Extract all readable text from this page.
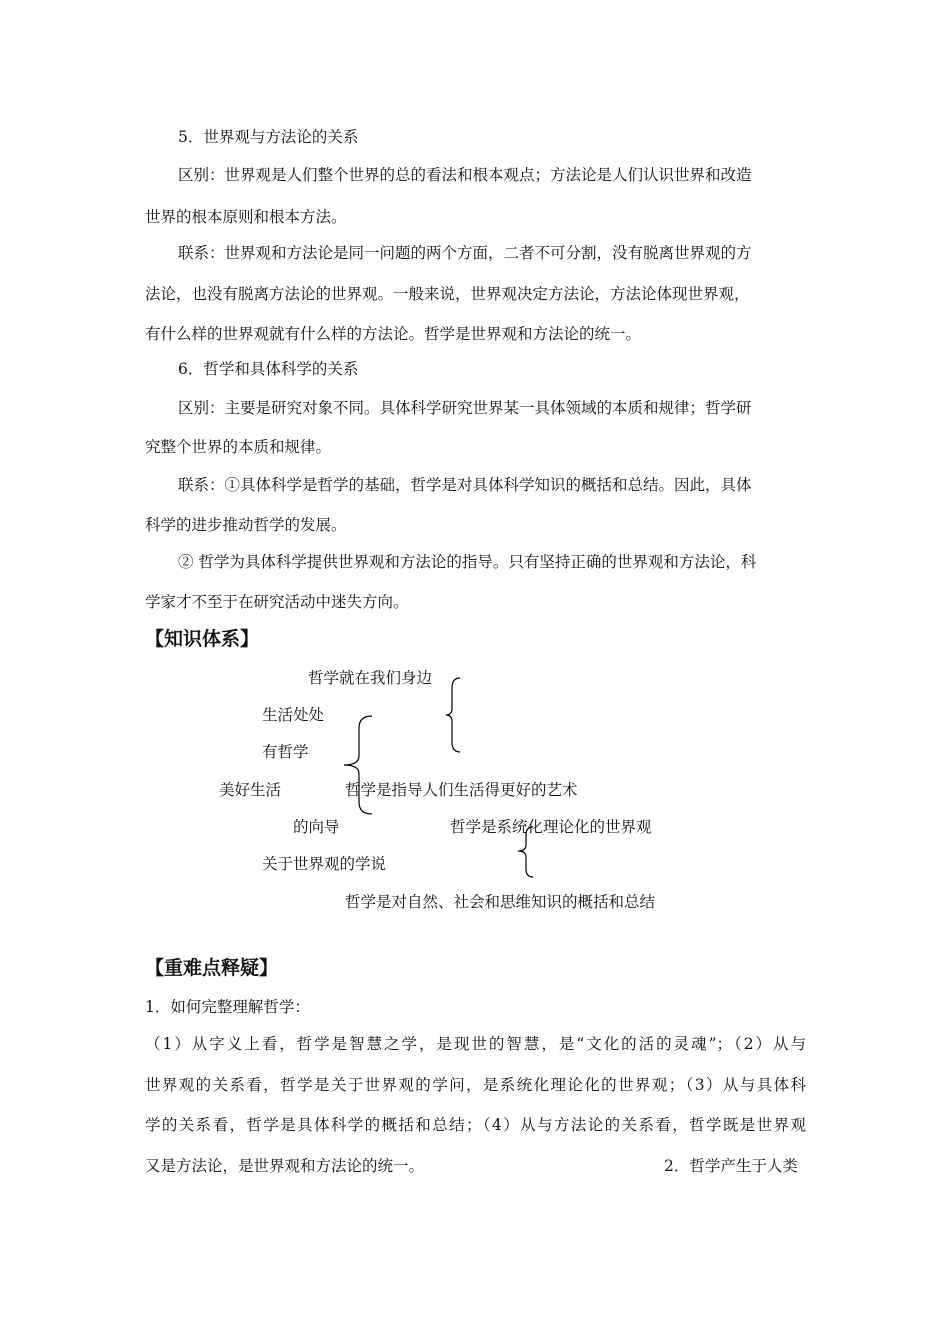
5．世界观与方法论的关系
区别：世界观是人们整个世界的总的看法和根本观点；方法论是人们认识世界和改造
世界的根本原则和根本方法。
联系：世界观和方法论是同一问题的两个方面，二者不可分割，没有脱离世界观的方
法论，也没有脱离方法论的世界观。一般来说，世界观决定方法论，方法论体现世界观，
有什么样的世界观就有什么样的方法论。哲学是世界观和方法论的统一。
6．哲学和具体科学的关系
区别：主要是研究对象不同。具体科学研究世界某一具体领域的本质和规律；哲学研
究整个世界的本质和规律。
联系：①具体科学是哲学的基础，哲学是对具体科学知识的概括和总结。因此，具体
科学的进步推动哲学的发展。
② 哲学为具体科学提供世界观和方法论的指导。只有坚持正确的世界观和方法论，科
学家才不至于在研究活动中迷失方向。
【知识体系】
哲学就在我们身边
生活处处
有哲学
美好生活	哲学是指导人们生活得更好的艺术
的向导	哲学是系统化理论化的世界观
关于世界观的学说
哲学是对自然、社会和思维知识的概括和总结
【重难点释疑】
1．如何完整理解哲学：
（1）从字义上看，哲学是智慧之学，是现世的智慧，是“文化的活的灵魂”；（2）从与
世界观的关系看，哲学是关于世界观的学问，是系统化理论化的世界观；（3）从与具体科
学的关系看，哲学是具体科学的概括和总结；（4）从与方法论的关系看，哲学既是世界观
又是方法论，是世界观和方法论的统一。	2．哲学产生于人类
